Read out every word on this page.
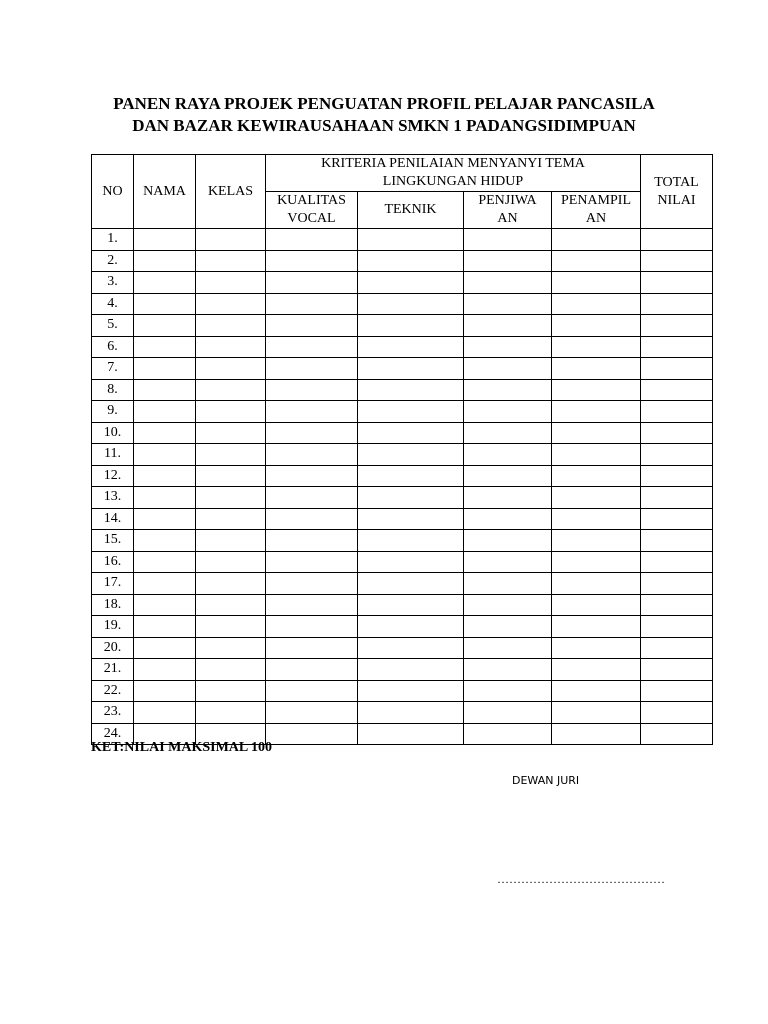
PANEN RAYA PROJEK PENGUATAN PROFIL PELAJAR PANCASILA
DAN BAZAR KEWIRAUSAHAAN SMKN 1 PADANGSIDIMPUAN
NO	NAMA	KELAS	KRITERIA PENILAIAN MENYANYI TEMA LINGKUNGAN HIDUP				TOTAL NILAI

			KUALITAS VOCAL	TEKNIK	PENJIWA AN	PENAMPIL AN	

1.							
2.							
3.							
4.							
5.							
6.							
7.							
8.							
9.							
10.							
11.							
12.							
13.							
14.							
15.							
16.							
17.							
18.							
19.							
20.							
21.							
22.							
23.							
24.							
KET:NILAI MAKSIMAL 100
DEWAN JURI
……………………………………
